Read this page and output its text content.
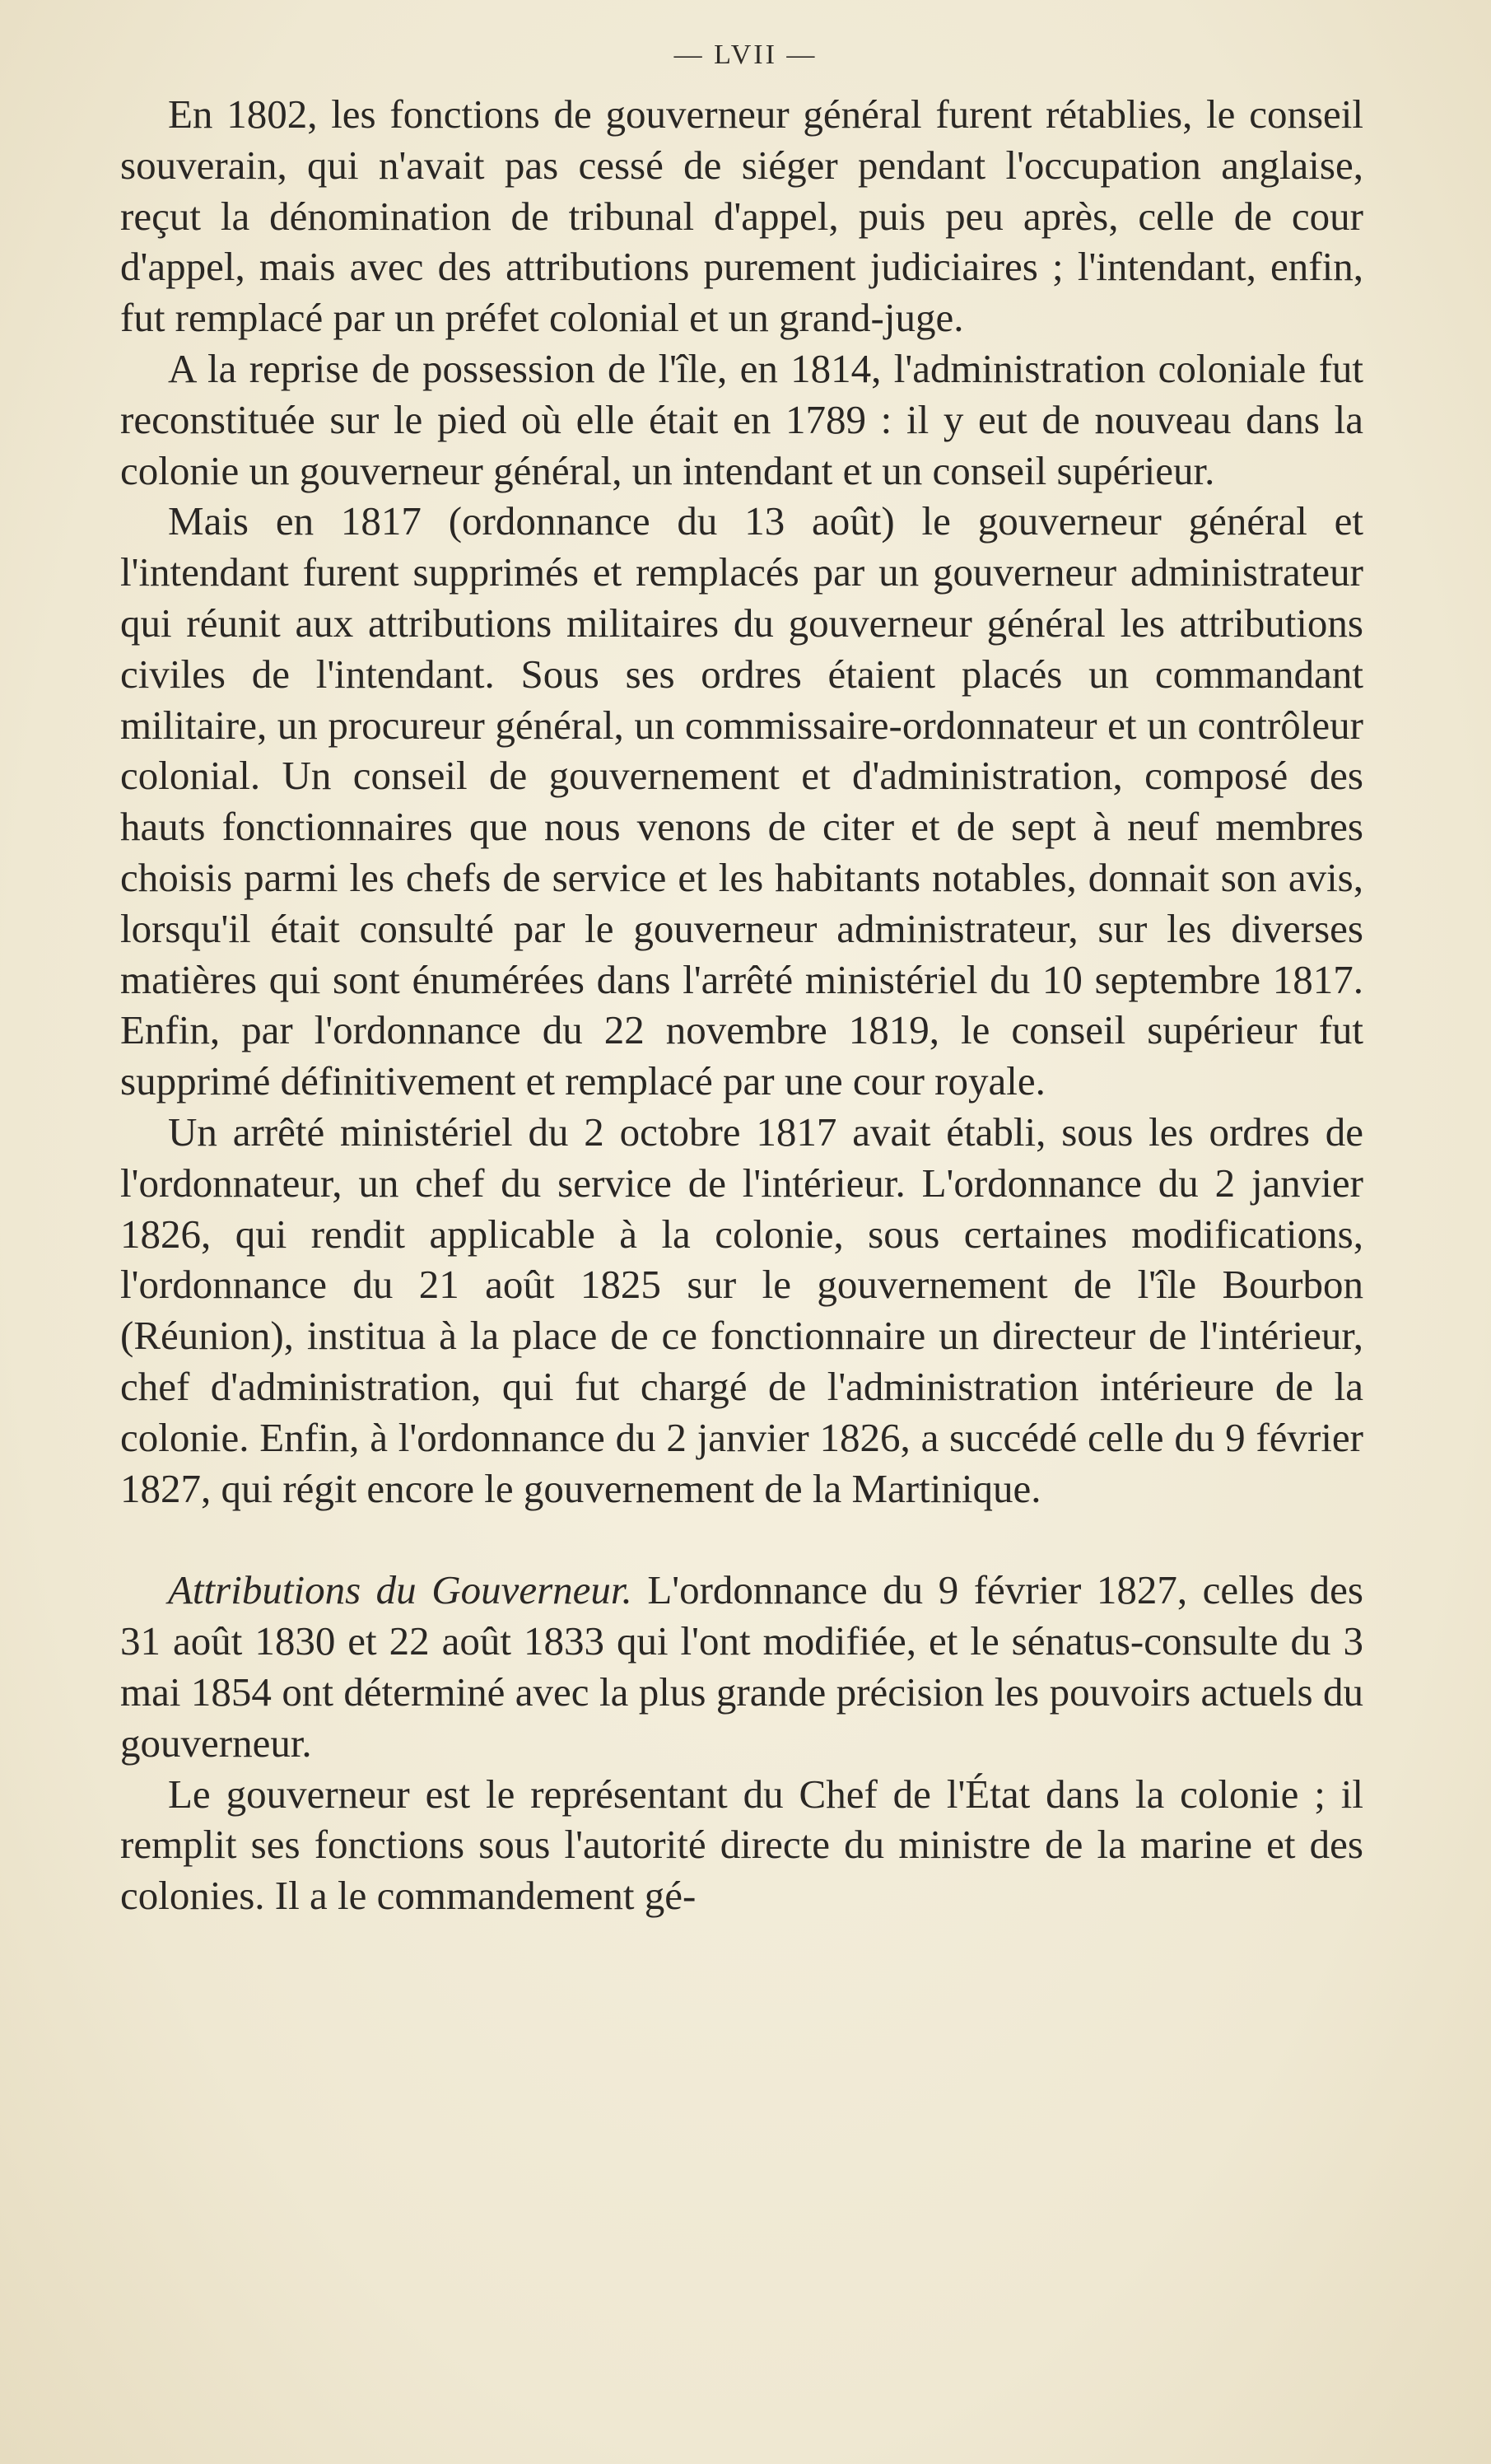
— LVII —

En 1802, les fonctions de gouverneur général furent rétablies, le conseil souverain, qui n'avait pas cessé de siéger pendant l'occupation anglaise, reçut la dénomination de tribunal d'appel, puis peu après, celle de cour d'appel, mais avec des attributions purement judiciaires ; l'intendant, enfin, fut remplacé par un préfet colonial et un grand-juge.

A la reprise de possession de l'île, en 1814, l'administration coloniale fut reconstituée sur le pied où elle était en 1789 : il y eut de nouveau dans la colonie un gouverneur général, un intendant et un conseil supérieur.

Mais en 1817 (ordonnance du 13 août) le gouverneur général et l'intendant furent supprimés et remplacés par un gouverneur administrateur qui réunit aux attributions militaires du gouverneur général les attributions civiles de l'intendant. Sous ses ordres étaient placés un commandant militaire, un procureur général, un commissaire-ordonnateur et un contrôleur colonial. Un conseil de gouvernement et d'administration, composé des hauts fonctionnaires que nous venons de citer et de sept à neuf membres choisis parmi les chefs de service et les habitants notables, donnait son avis, lorsqu'il était consulté par le gouverneur administrateur, sur les diverses matières qui sont énumérées dans l'arrêté ministériel du 10 septembre 1817. Enfin, par l'ordonnance du 22 novembre 1819, le conseil supérieur fut supprimé définitivement et remplacé par une cour royale.

Un arrêté ministériel du 2 octobre 1817 avait établi, sous les ordres de l'ordonnateur, un chef du service de l'intérieur. L'ordonnance du 2 janvier 1826, qui rendit applicable à la colonie, sous certaines modifications, l'ordonnance du 21 août 1825 sur le gouvernement de l'île Bourbon (Réunion), institua à la place de ce fonctionnaire un directeur de l'intérieur, chef d'administration, qui fut chargé de l'administration intérieure de la colonie. Enfin, à l'ordonnance du 2 janvier 1826, a succédé celle du 9 février 1827, qui régit encore le gouvernement de la Martinique.

Attributions du Gouverneur. L'ordonnance du 9 février 1827, celles des 31 août 1830 et 22 août 1833 qui l'ont modifiée, et le sénatus-consulte du 3 mai 1854 ont déterminé avec la plus grande précision les pouvoirs actuels du gouverneur.

Le gouverneur est le représentant du Chef de l'État dans la colonie ; il remplit ses fonctions sous l'autorité directe du ministre de la marine et des colonies. Il a le commandement gé-
